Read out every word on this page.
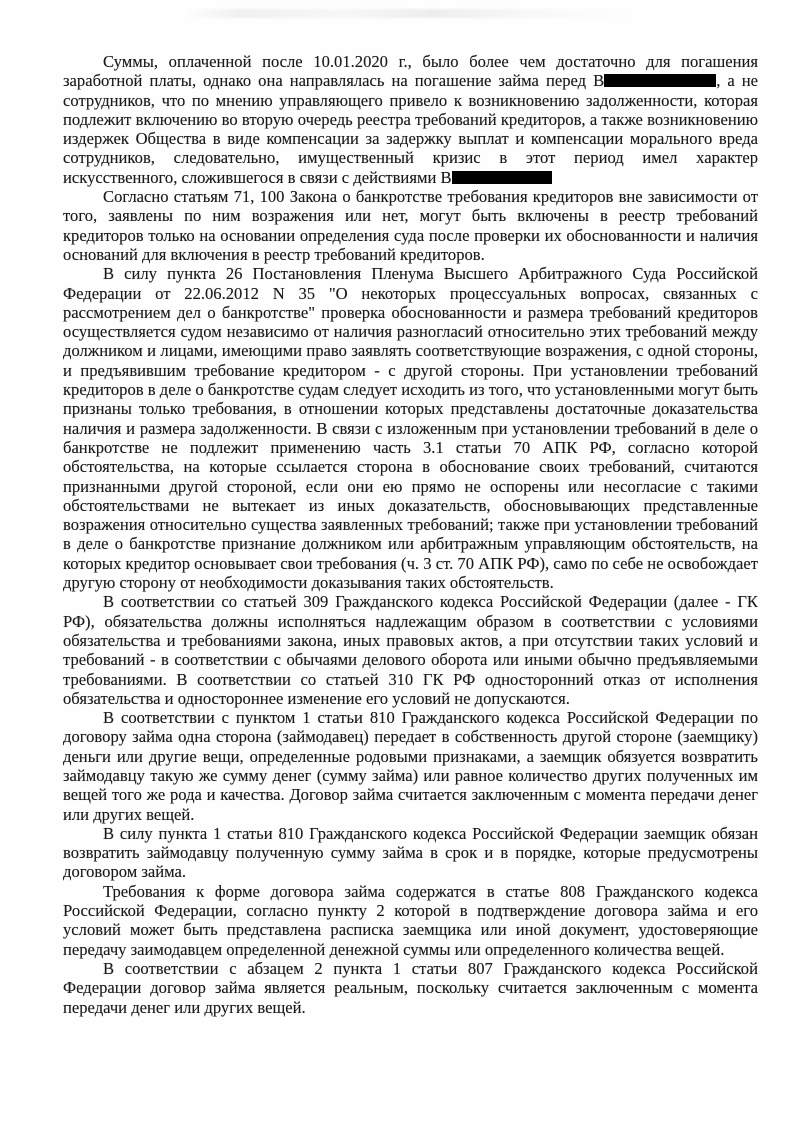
Суммы, оплаченной после 10.01.2020 г., было более чем достаточно для погашения заработной платы, однако она направлялась на погашение займа перед В	, а не сотрудников, что по мнению управляющего привело к возникновению задолженности, которая подлежит включению во вторую очередь реестра требований кредиторов, а также возникновению издержек Общества в виде компенсации за задержку выплат и компенсации морального вреда сотрудников, следовательно, имущественный кризис в этот период имел характер искусственного, сложившегося в связи с действиями В

Согласно статьям 71, 100 Закона о банкротстве требования кредиторов вне зависимости от того, заявлены по ним возражения или нет, могут быть включены в реестр требований кредиторов только на основании определения суда после проверки их обоснованности и наличия оснований для включения в реестр требований кредиторов.

В силу пункта 26 Постановления Пленума Высшего Арбитражного Суда Российской Федерации от 22.06.2012 N 35 "О некоторых процессуальных вопросах, связанных с рассмотрением дел о банкротстве" проверка обоснованности и размера требований кредиторов осуществляется судом независимо от наличия разногласий относительно этих требований между должником и лицами, имеющими право заявлять соответствующие возражения, с одной стороны, и предъявившим требование кредитором - с другой стороны. При установлении требований кредиторов в деле о банкротстве судам следует исходить из того, что установленными могут быть признаны только требования, в отношении которых представлены достаточные доказательства наличия и размера задолженности. В связи с изложенным при установлении требований в деле о банкротстве не подлежит применению часть 3.1 статьи 70 АПК РФ, согласно которой обстоятельства, на которые ссылается сторона в обоснование своих требований, считаются признанными другой стороной, если они ею прямо не оспорены или несогласие с такими обстоятельствами не вытекает из иных доказательств, обосновывающих представленные возражения относительно существа заявленных требований; также при установлении требований в деле о банкротстве признание должником или арбитражным управляющим обстоятельств, на которых кредитор основывает свои требования (ч. 3 ст. 70 АПК РФ), само по себе не освобождает другую сторону от необходимости доказывания таких обстоятельств.

В соответствии со статьей 309 Гражданского кодекса Российской Федерации (далее - ГК РФ), обязательства должны исполняться надлежащим образом в соответствии с условиями обязательства и требованиями закона, иных правовых актов, а при отсутствии таких условий и требований - в соответствии с обычаями делового оборота или иными обычно предъявляемыми требованиями. В соответствии со статьей 310 ГК РФ односторонний отказ от исполнения обязательства и одностороннее изменение его условий не допускаются.

В соответствии с пунктом 1 статьи 810 Гражданского кодекса Российской Федерации по договору займа одна сторона (займодавец) передает в собственность другой стороне (заемщику) деньги или другие вещи, определенные родовыми признаками, а заемщик обязуется возвратить займодавцу такую же сумму денег (сумму займа) или равное количество других полученных им вещей того же рода и качества. Договор займа считается заключенным с момента передачи денег или других вещей.

В силу пункта 1 статьи 810 Гражданского кодекса Российской Федерации заемщик обязан возвратить займодавцу полученную сумму займа в срок и в порядке, которые предусмотрены договором займа.

Требования к форме договора займа содержатся в статье 808 Гражданского кодекса Российской Федерации, согласно пункту 2 которой в подтверждение договора займа и его условий может быть представлена расписка заемщика или иной документ, удостоверяющие передачу заимодавцем определенной денежной суммы или определенного количества вещей.

В соответствии с абзацем 2 пункта 1 статьи 807 Гражданского кодекса Российской Федерации договор займа является реальным, поскольку считается заключенным с момента передачи денег или других вещей.
